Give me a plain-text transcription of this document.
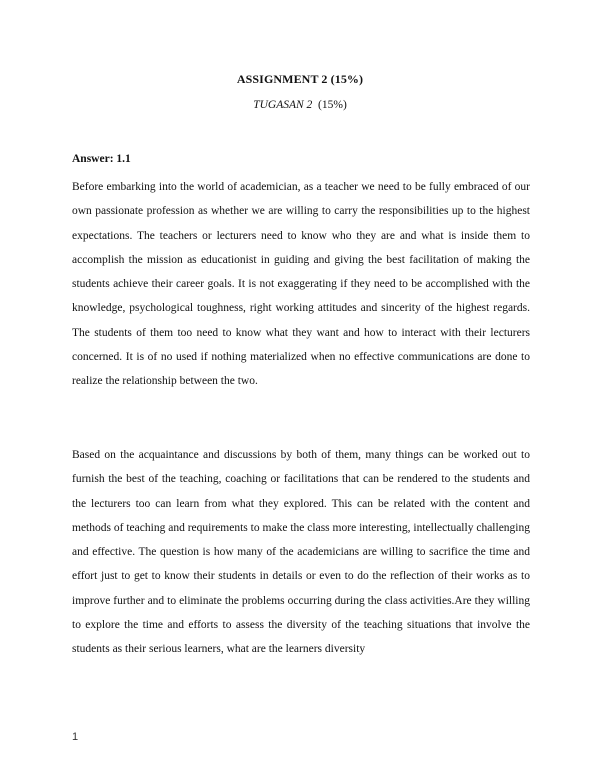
ASSIGNMENT 2 (15%)
TUGASAN 2 (15%)
Answer: 1.1

Before embarking into the world of academician, as a teacher we need to be fully embraced of our own passionate profession as whether we are willing to carry the responsibilities up to the highest expectations. The teachers or lecturers need to know who they are and what is inside them to accomplish the mission as educationist in guiding and giving the best facilitation of making the students achieve their career goals. It is not exaggerating if they need to be accomplished with the knowledge, psychological toughness, right working attitudes and sincerity of the highest regards. The students of them too need to know what they want and how to interact with their lecturers concerned. It is of no used if nothing materialized when no effective communications are done to realize the relationship between the two.

Based on the acquaintance and discussions by both of them, many things can be worked out to furnish the best of the teaching, coaching or facilitations that can be rendered to the students and the lecturers too can learn from what they explored. This can be related with the content and methods of teaching and requirements to make the class more interesting, intellectually challenging and effective. The question is how many of the academicians are willing to sacrifice the time and effort just to get to know their students in details or even to do the reflection of their works as to improve further and to eliminate the problems occurring during the class activities.Are they willing to explore the time and efforts to assess the diversity of the teaching situations that involve the students as their serious learners, what are the learners diversity

1
